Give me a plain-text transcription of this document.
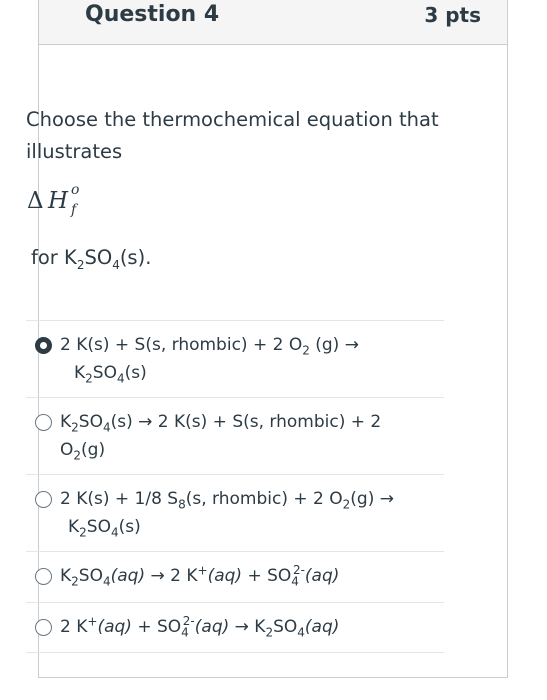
Question 4	3 pts
Choose the thermochemical equation that illustrates
Δ H o
f
for $K_2SO_4(s)$.
2 K(s) + S(s, rhombic) + 2 $O_2$ (g) →
$K_2SO_4(s)$
$K_2SO_4(s) \to 2$ K(s) + S(s, rhombic) + 2
$O_2(g)$
2 K(s) + 1/8 $S_8(s$, rhombic) + 2 $O_2(g)$ →
$K_2SO_4(s)$
$K_2SO_4(aq) \to 2$ $K^+(aq) + SO_4^{2-}(aq)$
2 $K^+(aq) + SO_4^{2-}(aq) \to K_2SO_4(aq)$
